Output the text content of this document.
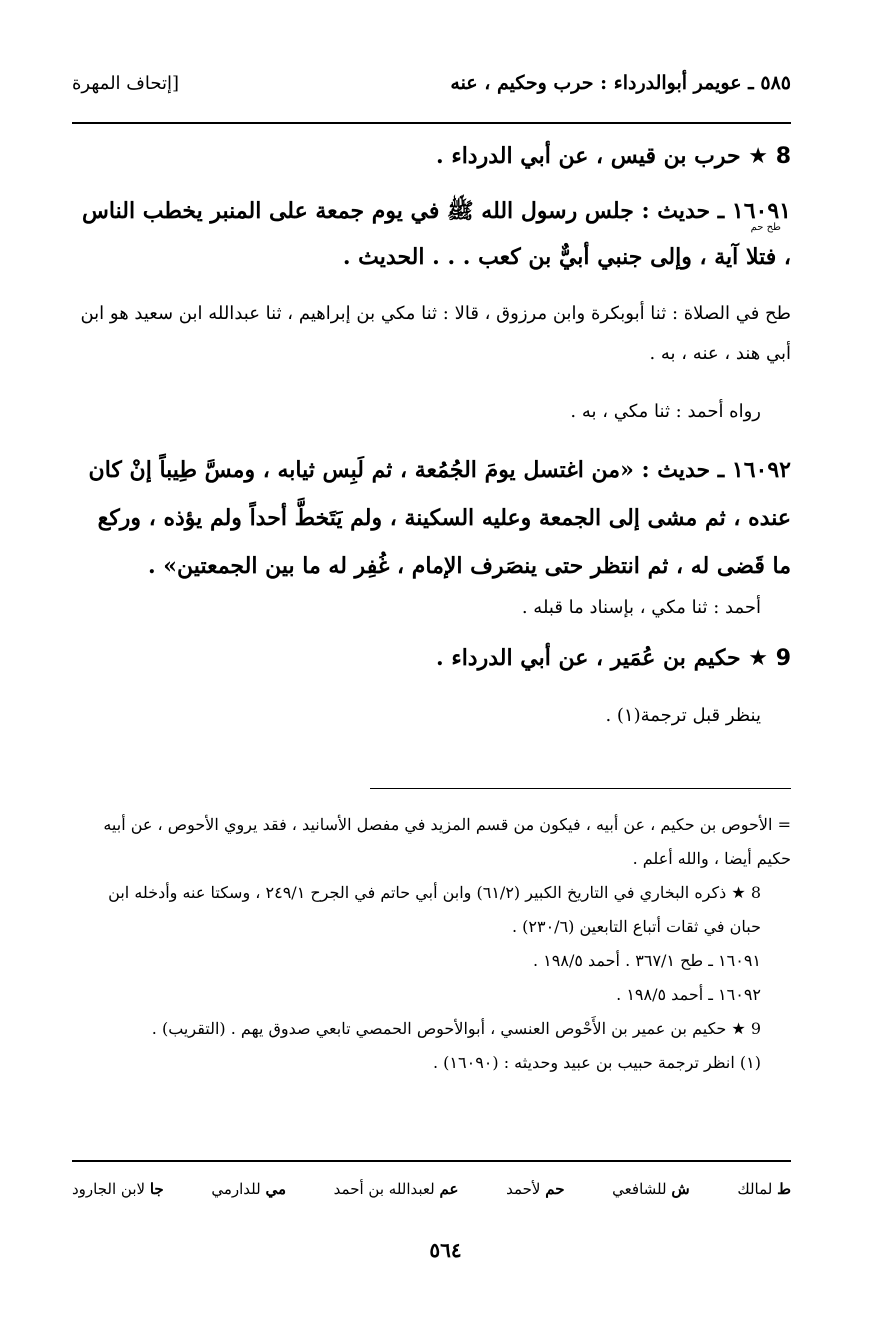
٥٨٥ ـ عويمر أبوالدرداء : حرب وحكيم ، عنه
[إتحاف المهرة
8 ★ حرب بن قيس ، عن أبي الدرداء .

١٦٠٩١ ـ حديث : جلس رسول الله ﷺ في يوم جمعة على المنبر يخطب الناس ، فتلا آية ، وإلى جنبي أبيٌّ بن كعب . . . الحديث .

طح حم

طح في الصلاة : ثنا أبوبكرة وابن مرزوق ، قالا : ثنا مكي بن إبراهيم ، ثنا عبدالله ابن سعيد هو ابن أبي هند ، عنه ، به .

رواه أحمد : ثنا مكي ، به .

١٦٠٩٢ ـ حديث : «من اغتسل يومَ الجُمُعة ، ثم لَبِس ثيابه ، ومسَّ طِيباً إنْ كان عنده ، ثم مشى إلى الجمعة وعليه السكينة ، ولم يَتَخطَّ أحداً ولم يؤذه ، وركع ما قَضى له ، ثم انتظر حتى ينصَرف الإمام ، غُفِر له ما بين الجمعتين» .

أحمد : ثنا مكي ، بإسناد ما قبله .

9 ★ حكيم بن عُمَير ، عن أبي الدرداء .

ينظر قبل ترجمة(١) .

= الأحوص بن حكيم ، عن أبيه ، فيكون من قسم المزيد في مفصل الأسانيد ، فقد يروي الأحوص ، عن أبيه حكيم أيضا ، والله أعلم .

8 ★ ذكره البخاري في التاريخ الكبير (٦١/٢) وابن أبي حاتم في الجرح ٢٤٩/١ ، وسكتا عنه وأدخله ابن حبان في ثقات أتباع التابعين (٢٣٠/٦) .

١٦٠٩١ ـ طح ٣٦٧/١ . أحمد ١٩٨/٥ .

١٦٠٩٢ ـ أحمد ١٩٨/٥ .

9 ★ حكيم بن عمير بن الأَحْوص العنسي ، أبوالأحوص الحمصي تابعي صدوق يهم . (التقريب) .

(١) انظر ترجمة حبيب بن عبيد وحديثه : (١٦٠٩٠) .

ط لمالك
ش للشافعي
حم لأحمد
عم لعبدالله بن أحمد
مي للدارمي
جا لابن الجارود
٥٦٤
